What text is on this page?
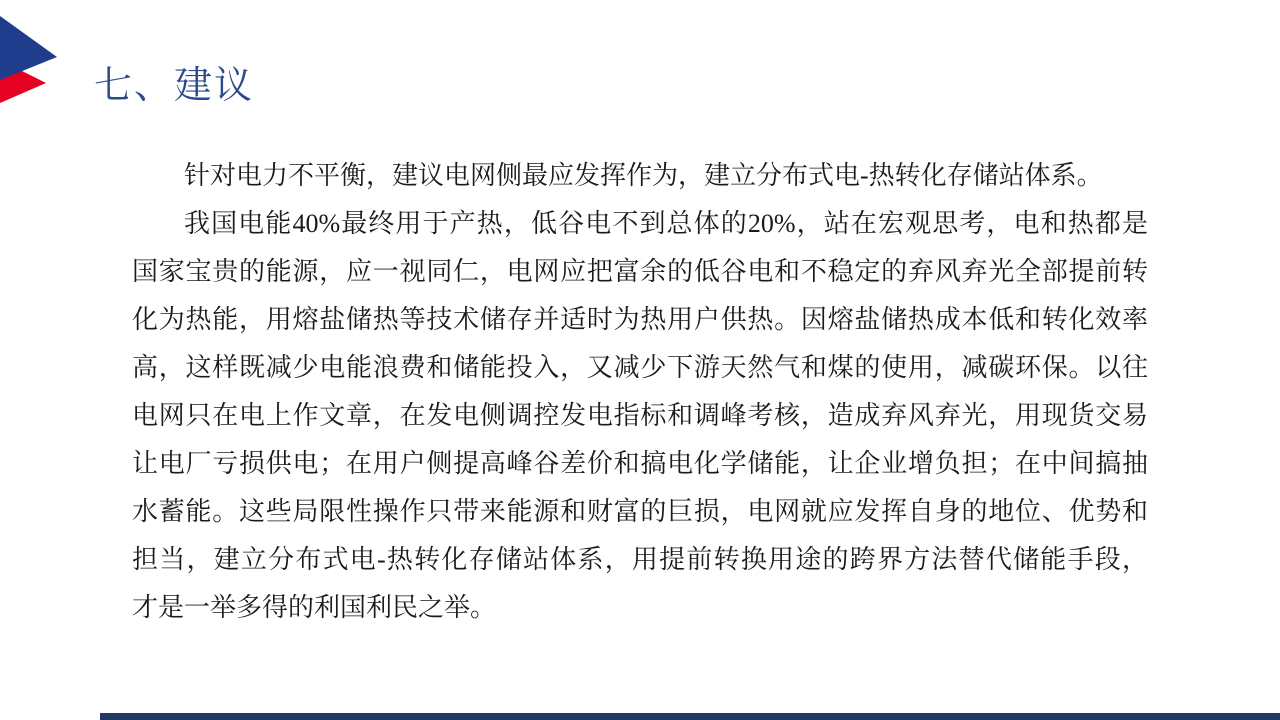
七、建议
针对电力不平衡，建议电网侧最应发挥作为，建立分布式电-热转化存储站体系。
我国电能40%最终用于产热，低谷电不到总体的20%，站在宏观思考，电和热都是
国家宝贵的能源，应一视同仁，电网应把富余的低谷电和不稳定的弃风弃光全部提前转
化为热能，用熔盐储热等技术储存并适时为热用户供热。因熔盐储热成本低和转化效率
高，这样既减少电能浪费和储能投入，又减少下游天然气和煤的使用，减碳环保。以往
电网只在电上作文章，在发电侧调控发电指标和调峰考核，造成弃风弃光，用现货交易
让电厂亏损供电；在用户侧提高峰谷差价和搞电化学储能，让企业增负担；在中间搞抽
水蓄能。这些局限性操作只带来能源和财富的巨损，电网就应发挥自身的地位、优势和
担当，建立分布式电-热转化存储站体系，用提前转换用途的跨界方法替代储能手段，
才是一举多得的利国利民之举。
